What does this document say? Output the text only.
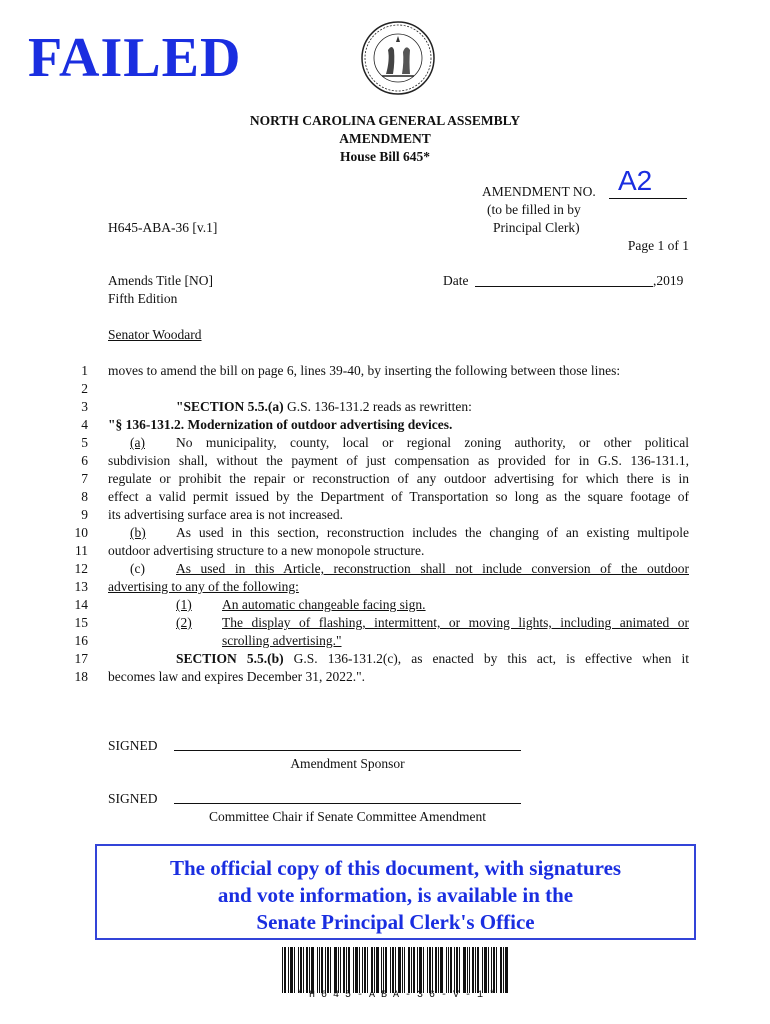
FAILED
NORTH CAROLINA GENERAL ASSEMBLY
AMENDMENT
House Bill 645*
AMENDMENT NO. A2
(to be filled in by
Principal Clerk)
H645-ABA-36 [v.1]
Page 1 of 1
Amends Title [NO]
Fifth Edition
Date	,2019
Senator Woodard
1
2
3
4
5
6
7
8
9
10
11
12
13
14
15
16
17
18
moves to amend the bill on page 6, lines 39-40, by inserting the following between those lines:
"SECTION 5.5.(a) G.S. 136-131.2 reads as rewritten:
"§ 136-131.2. Modernization of outdoor advertising devices.
(a) No municipality, county, local or regional zoning authority, or other political
subdivision shall, without the payment of just compensation as provided for in G.S. 136-131.1,
regulate or prohibit the repair or reconstruction of any outdoor advertising for which there is in
effect a valid permit issued by the Department of Transportation so long as the square footage of
its advertising surface area is not increased.
(b) As used in this section, reconstruction includes the changing of an existing multipole
outdoor advertising structure to a new monopole structure.
(c) As used in this Article, reconstruction shall not include conversion of the outdoor
advertising to any of the following:
(1)	An automatic changeable facing sign.
(2)	The display of flashing, intermittent, or moving lights, including animated or
scrolling advertising."
SECTION 5.5.(b) G.S. 136-131.2(c), as enacted by this act, is effective when it
becomes law and expires December 31, 2022.".
SIGNED
Amendment Sponsor
SIGNED
Committee Chair if Senate Committee Amendment
The official copy of this document, with signatures
and vote information, is available in the
Senate Principal Clerk's Office
* H 6 4 5 - A B A - 3 6 - V - 1 *
